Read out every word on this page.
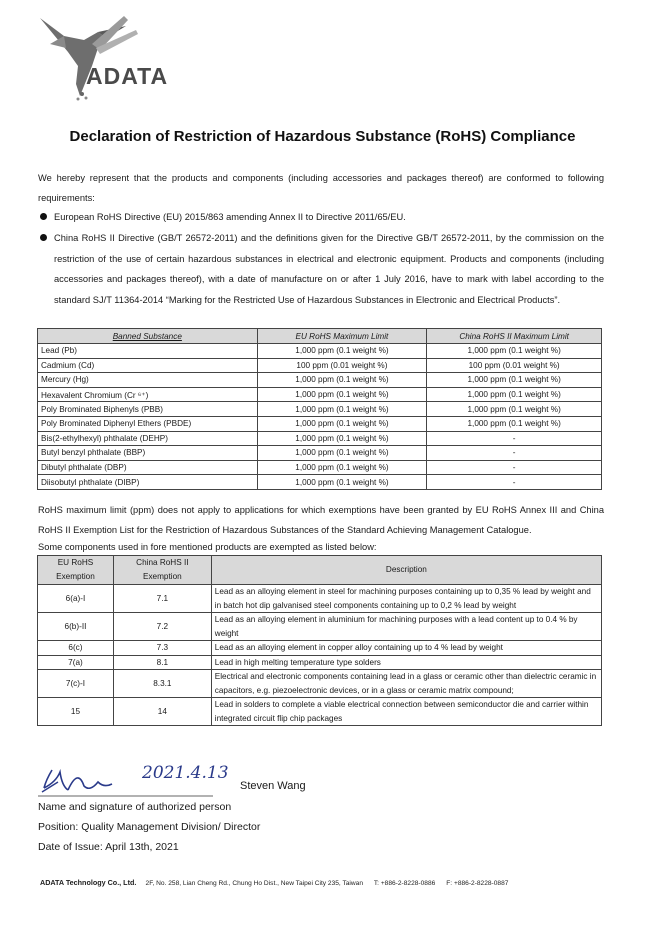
ADATA
Declaration of Restriction of Hazardous Substance (RoHS) Compliance

We hereby represent that the products and components (including accessories and packages thereof) are conformed to following requirements:

European RoHS Directive (EU) 2015/863 amending Annex II to Directive 2011/65/EU.
China RoHS II Directive (GB/T 26572-2011) and the definitions given for the Directive GB/T 26572-2011, by the commission on the restriction of the use of certain hazardous substances in electrical and electronic equipment. Products and components (including accessories and packages thereof), with a date of manufacture on or after 1 July 2016, have to mark with label according to the standard SJ/T 11364-2014 “Marking for the Restricted Use of Hazardous Substances in Electronic and Electrical Products”.
Banned Substance	EU RoHS Maximum Limit	China RoHS II Maximum Limit
Lead (Pb)	1,000 ppm (0.1 weight %)	1,000 ppm (0.1 weight %)
Cadmium (Cd)	100 ppm (0.01 weight %)	100 ppm (0.01 weight %)
Mercury (Hg)	1,000 ppm (0.1 weight %)	1,000 ppm (0.1 weight %)
Hexavalent Chromium (Cr ⁶⁺)	1,000 ppm (0.1 weight %)	1,000 ppm (0.1 weight %)
Poly Brominated Biphenyls (PBB)	1,000 ppm (0.1 weight %)	1,000 ppm (0.1 weight %)
Poly Brominated Diphenyl Ethers (PBDE)	1,000 ppm (0.1 weight %)	1,000 ppm (0.1 weight %)
Bis(2-ethylhexyl) phthalate (DEHP)	1,000 ppm (0.1 weight %)	-
Butyl benzyl phthalate (BBP)	1,000 ppm (0.1 weight %)	-
Dibutyl phthalate (DBP)	1,000 ppm (0.1 weight %)	-
Diisobutyl phthalate (DIBP)	1,000 ppm (0.1 weight %)	-
RoHS maximum limit (ppm) does not apply to applications for which exemptions have been granted by EU RoHS Annex III and China RoHS II Exemption List for the Restriction of Hazardous Substances of the Standard Achieving Management Catalogue.
Some components used in fore mentioned products are exempted as listed below:
EU RoHS Exemption	China RoHS II Exemption	Description
6(a)-I	7.1	Lead as an alloying element in steel for machining purposes containing up to 0,35 % lead by weight and in batch hot dip galvanised steel components containing up to 0,2 % lead by weight
6(b)-II	7.2	Lead as an alloying element in aluminium for machining purposes with a lead content up to 0.4 % by weight
6(c)	7.3	Lead as an alloying element in copper alloy containing up to 4 % lead by weight
7(a)	8.1	Lead in high melting temperature type solders
7(c)-I	8.3.1	Electrical and electronic components containing lead in a glass or ceramic other than dielectric ceramic in capacitors, e.g. piezoelectronic devices, or in a glass or ceramic matrix compound;
15	14	Lead in solders to complete a viable electrical connection between semiconductor die and carrier within integrated circuit flip chip packages
2021.4.13
Steven Wang
Name and signature of authorized person
Position: Quality Management Division/ Director
Date of Issue: April 13th, 2021
ADATA Technology Co., Ltd. 2F, No. 258, Lian Cheng Rd., Chung Ho Dist., New Taipei City 235, Taiwan T: +886-2-8228-0886 F: +886-2-8228-0887
